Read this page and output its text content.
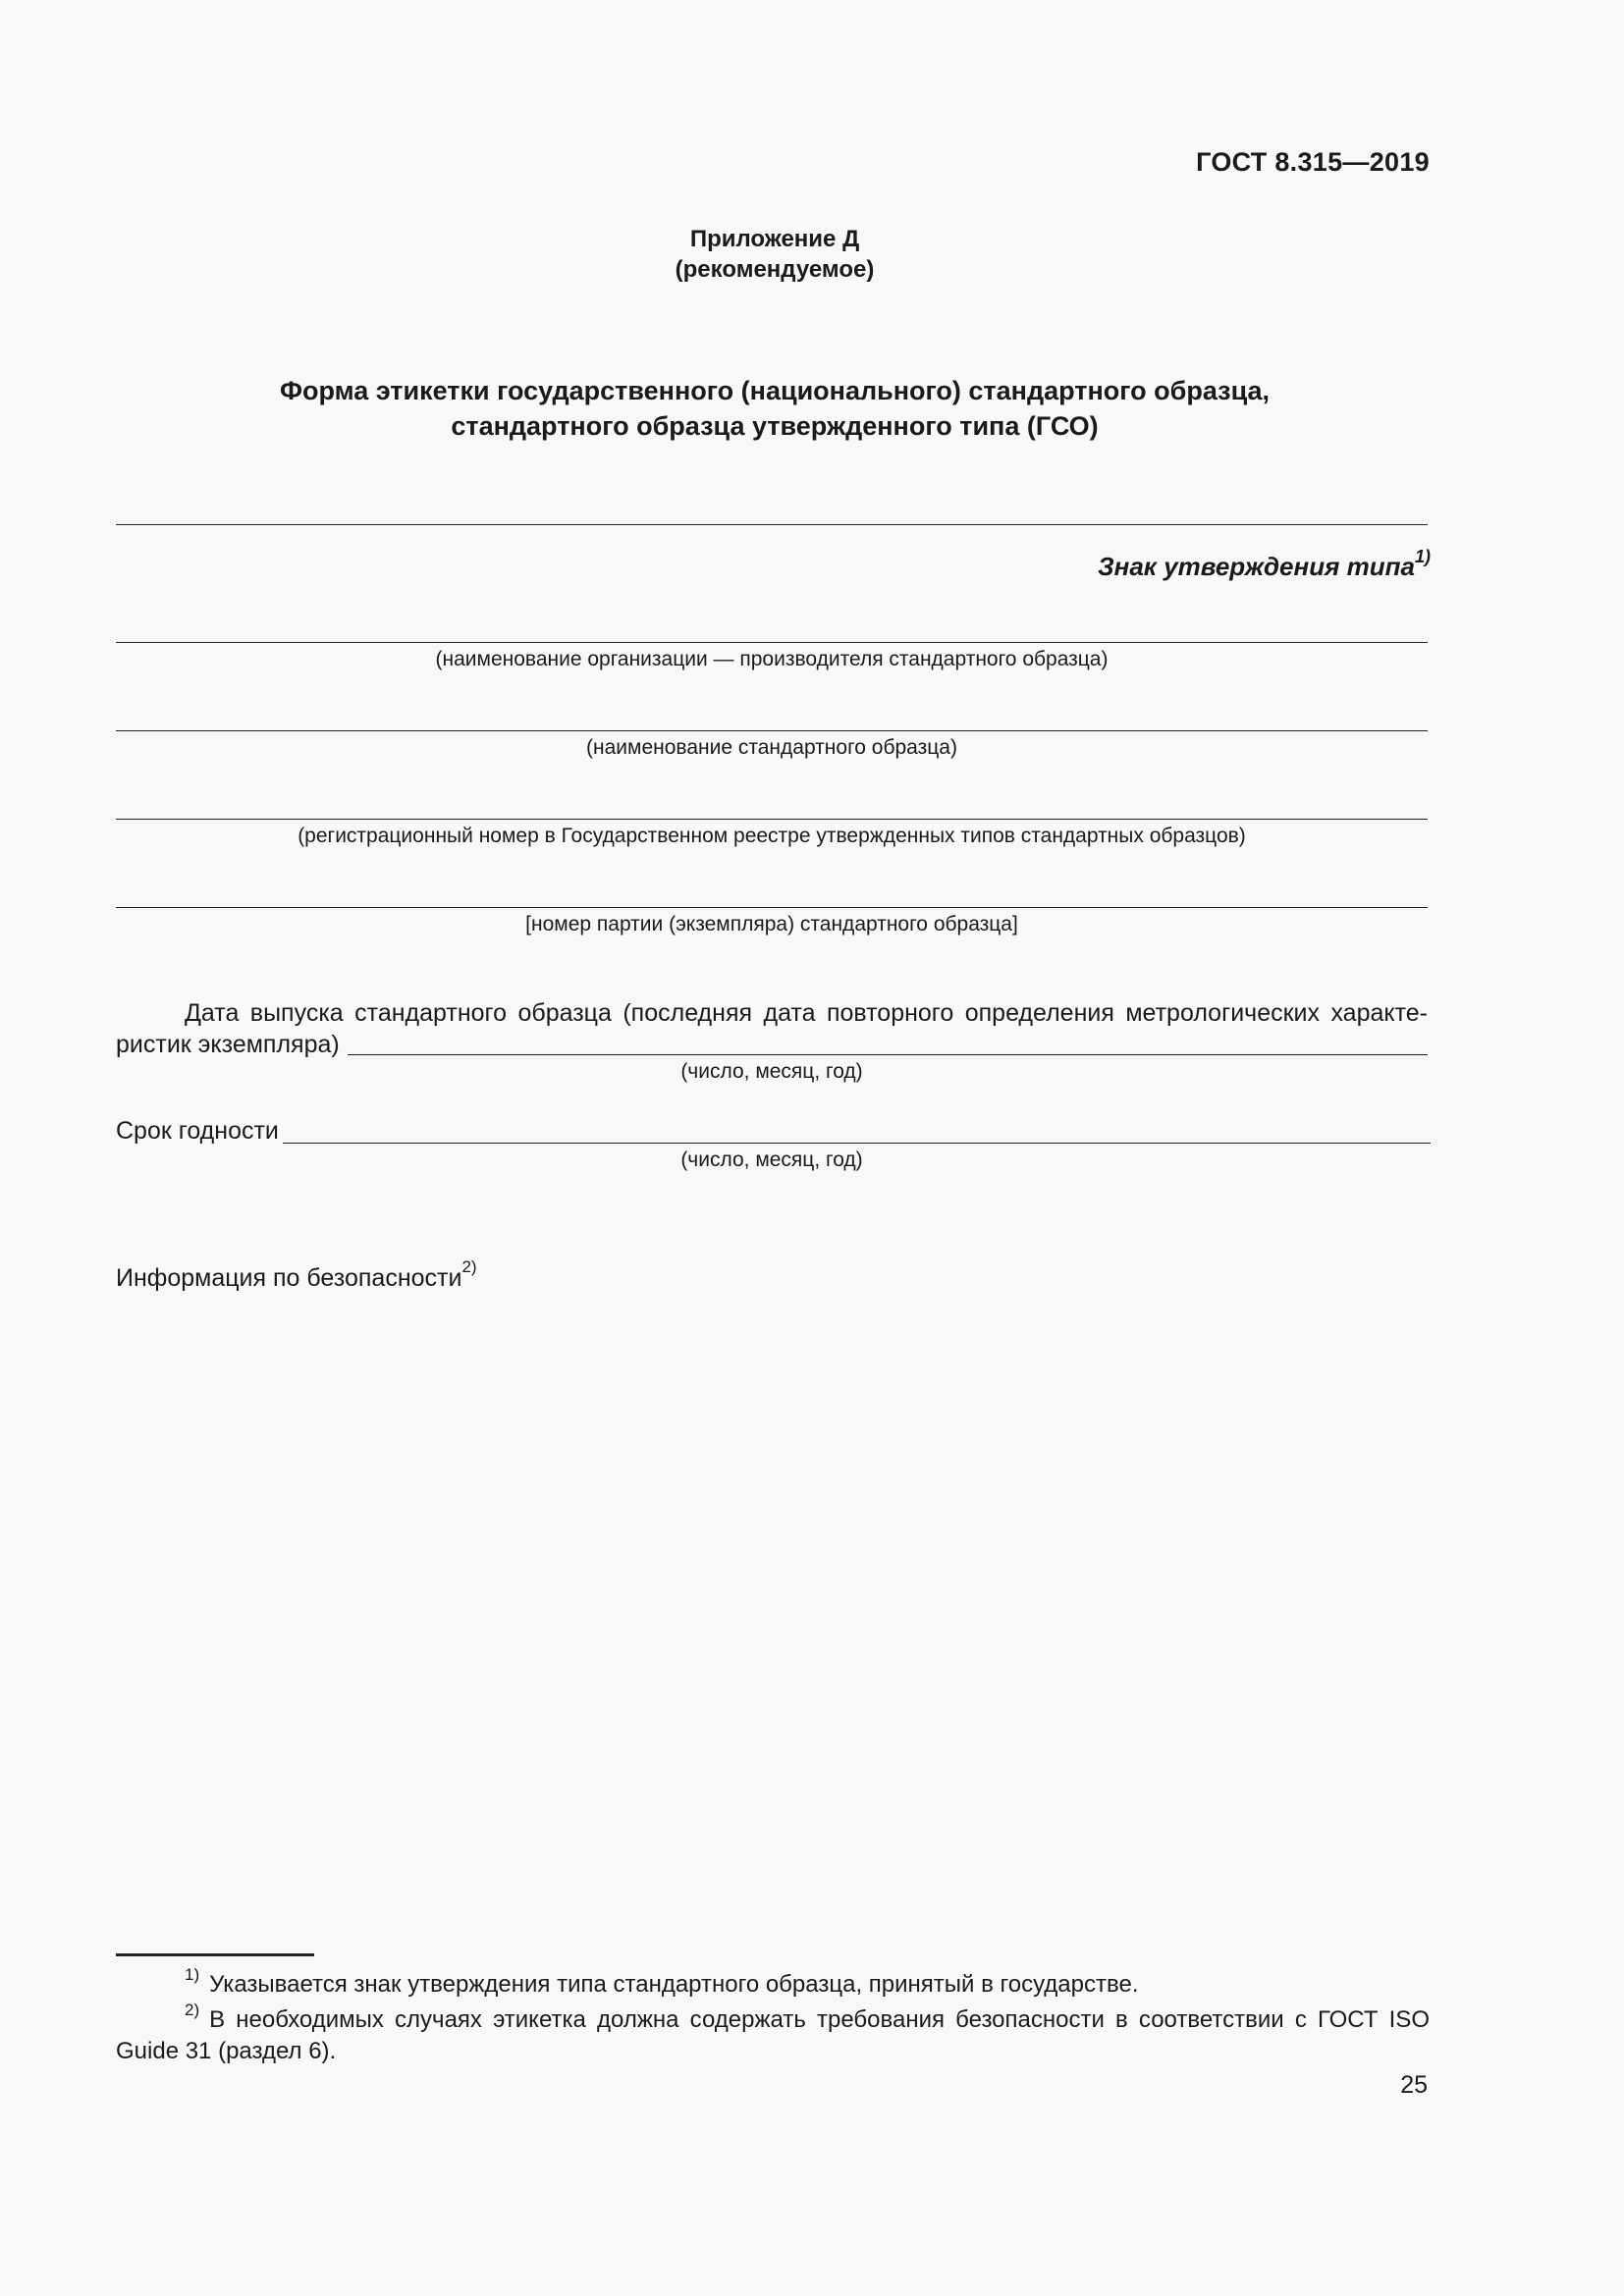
ГОСТ 8.315—2019
Приложение Д
(рекомендуемое)
Форма этикетки государственного (национального) стандартного образца,
стандартного образца утвержденного типа (ГСО)
Знак утверждения типа$^{1)}$
(наименование организации — производителя стандартного образца)
(наименование стандартного образца)
(регистрационный номер в Государственном реестре утвержденных типов стандартных образцов)
[номер партии (экземпляра) стандартного образца]
Дата выпуска стандартного образца (последняя дата повторного определения метрологических характе-
ристик экземпляра)
(число, месяц, год)
Срок годности
(число, месяц, год)
Информация по безопасности$^{2)}$
$^{1)}$ Указывается знак утверждения типа стандартного образца, принятый в государстве.
$^{2)}$ В необходимых случаях этикетка должна содержать требования безопасности в соответствии с ГОСТ ISO Guide 31 (раздел 6).
25
